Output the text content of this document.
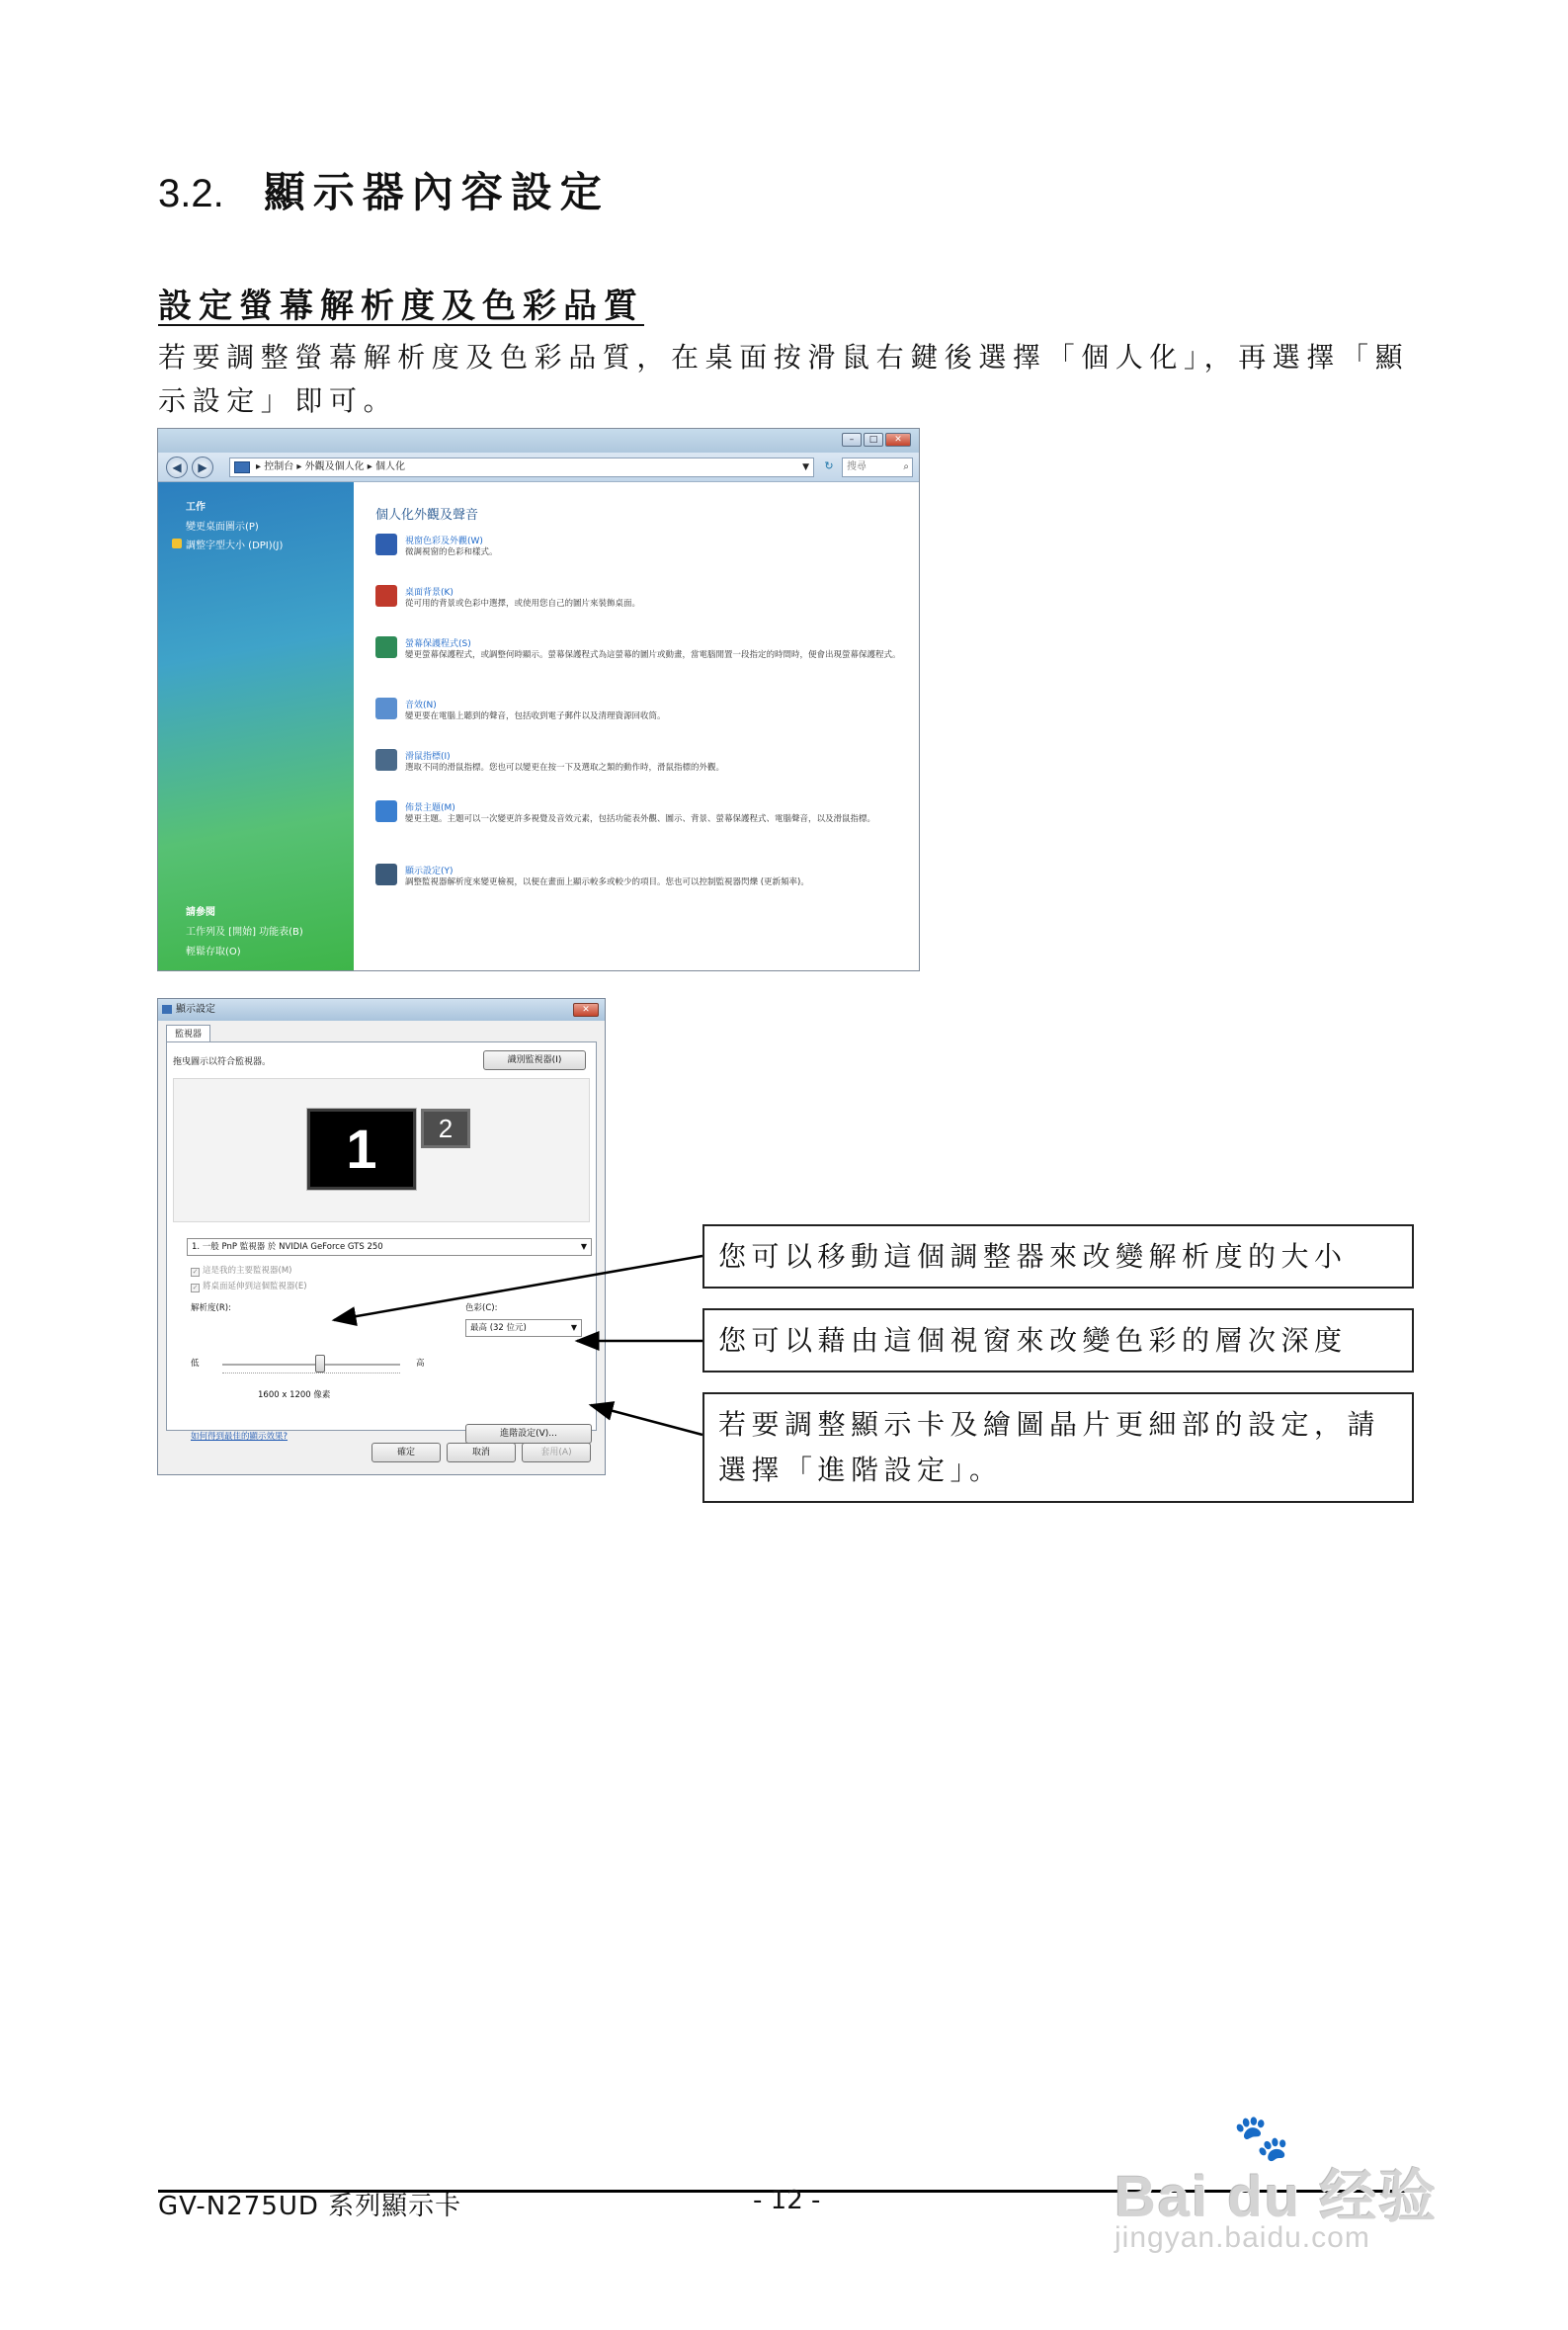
3.2. 顯示器內容設定
設定螢幕解析度及色彩品質
若要調整螢幕解析度及色彩品質，在桌面按滑鼠右鍵後選擇「個人化」，再選擇「顯示設定」即可。
–	□	✕
◀	▶	▸ 控制台 ▸ 外觀及個人化 ▸ 個人化	▼	↻	搜尋	⌕
工作
變更桌面圖示(P)
調整字型大小 (DPI)(J)
請參閱
工作列及 [開始] 功能表(B)
輕鬆存取(O)
個人化外觀及聲音
視窗色彩及外觀(W)
微調視窗的色彩和樣式。
桌面背景(K)
從可用的背景或色彩中選擇，或使用您自己的圖片來裝飾桌面。
螢幕保護程式(S)
變更螢幕保護程式，或調整何時顯示。螢幕保護程式為這螢幕的圖片或動畫，當電腦閒置一段指定的時間時，便會出現螢幕保護程式。
音效(N)
變更要在電腦上聽到的聲音，包括收到電子郵件以及清理資源回收筒。
滑鼠指標(I)
選取不同的滑鼠指標。您也可以變更在按一下及選取之類的動作時，滑鼠指標的外觀。
佈景主題(M)
變更主題。主題可以一次變更許多視覺及音效元素，包括功能表外觀、圖示、背景、螢幕保護程式、電腦聲音，以及滑鼠指標。
顯示設定(Y)
調整監視器解析度來變更檢視，以便在畫面上顯示較多或較少的項目。您也可以控制監視器閃爍 (更新頻率)。
顯示設定	✕
監視器
拖曳圖示以符合監視器。	識別監視器(I)
1	2
1. 一般 PnP 監視器 於 NVIDIA GeForce GTS 250	▼
✓ 這是我的主要監視器(M)
✓ 將桌面延伸到這個監視器(E)
解析度(R):
低	高
1600 x 1200 像素
色彩(C):
最高 (32 位元)	▼
如何得到最佳的顯示效果?	進階設定(V)...
確定	取消	套用(A)
您可以移動這個調整器來改變解析度的大小
您可以藉由這個視窗來改變色彩的層次深度
若要調整顯示卡及繪圖晶片更細部的設定，請選擇「進階設定」。
GV-N275UD 系列顯示卡	- 12 -
🐾
Bai du 经验
jingyan.baidu.com
